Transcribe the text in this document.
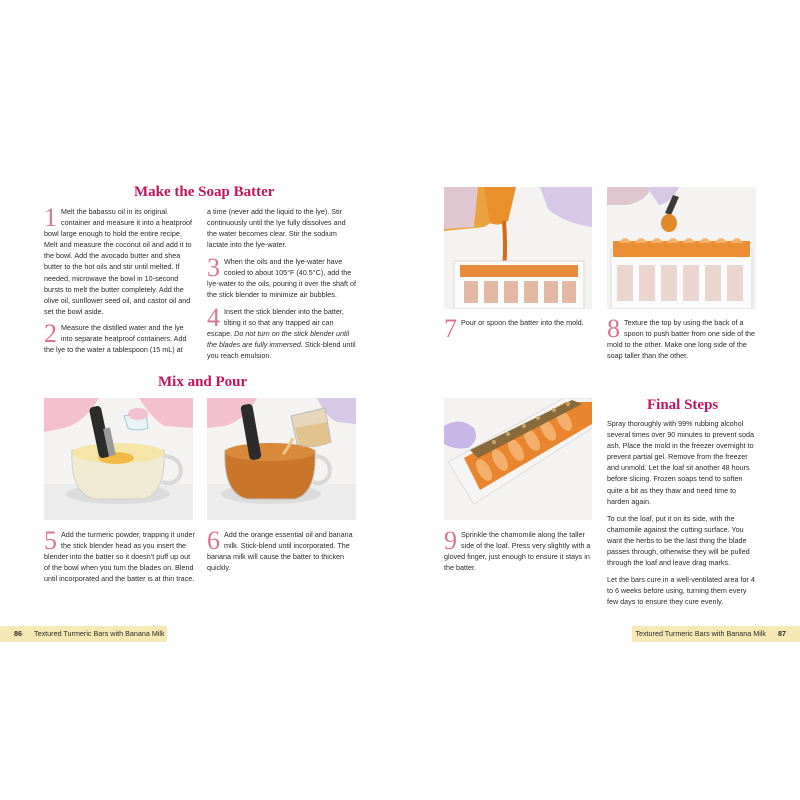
Make the Soap Batter
1 Melt the babassu oil in its original container and measure it into a heatproof bowl large enough to hold the entire recipe. Melt and measure the coconut oil and add it to the bowl. Add the avocado butter and shea butter to the hot oils and stir until melted. If needed, microwave the bowl in 10-second bursts to melt the butter completely. Add the olive oil, sunflower seed oil, and castor oil and set the bowl aside.

2 Measure the distilled water and the lye into separate heatproof containers. Add the lye to the water a tablespoon (15 mL) at

a time (never add the liquid to the lye). Stir continuously until the lye fully dissolves and the water becomes clear. Stir the sodium lactate into the lye-water.

3 When the oils and the lye-water have cooled to about 105°F (40.5°C), add the lye-water to the oils, pouring it over the shaft of the stick blender to minimize air bubbles.

4 Insert the stick blender into the batter, tilting it so that any trapped air can escape. Do not turn on the stick blender until the blades are fully immersed. Stick-blend until you reach emulsion.

Mix and Pour
5 Add the turmeric powder, trapping it under the stick blender head as you insert the blender into the batter so it doesn’t puff up out of the bowl when you turn the blades on. Blend until incorporated and the batter is at thin trace.

6 Add the orange essential oil and banana milk. Stick-blend until incorporated. The banana milk will cause the batter to thicken quickly.

86 Textured Turmeric Bars with Banana Milk
7 Pour or spoon the batter into the mold. 8 Texture the top by using the back of a spoon to push batter from one side of the mold to the other. Make one long side of the soap taller than the other.

9 Sprinkle the chamomile along the taller side of the loaf. Press very slightly with a gloved finger, just enough to ensure it stays in the batter.

Final Steps

Spray thoroughly with 99% rubbing alcohol several times over 90 minutes to prevent soda ash. Place the mold in the freezer overnight to prevent partial gel. Remove from the freezer and unmold. Let the loaf sit another 48 hours before slicing. Frozen soaps tend to soften quite a bit as they thaw and need time to harden again.

To cut the loaf, put it on its side, with the chamomile against the cutting surface. You want the herbs to be the last thing the blade passes through, otherwise they will be pulled through the loaf and leave drag marks.

Let the bars cure in a well-ventilated area for 4 to 6 weeks before using, turning them every few days to ensure they cure evenly.

Textured Turmeric Bars with Banana Milk 87
